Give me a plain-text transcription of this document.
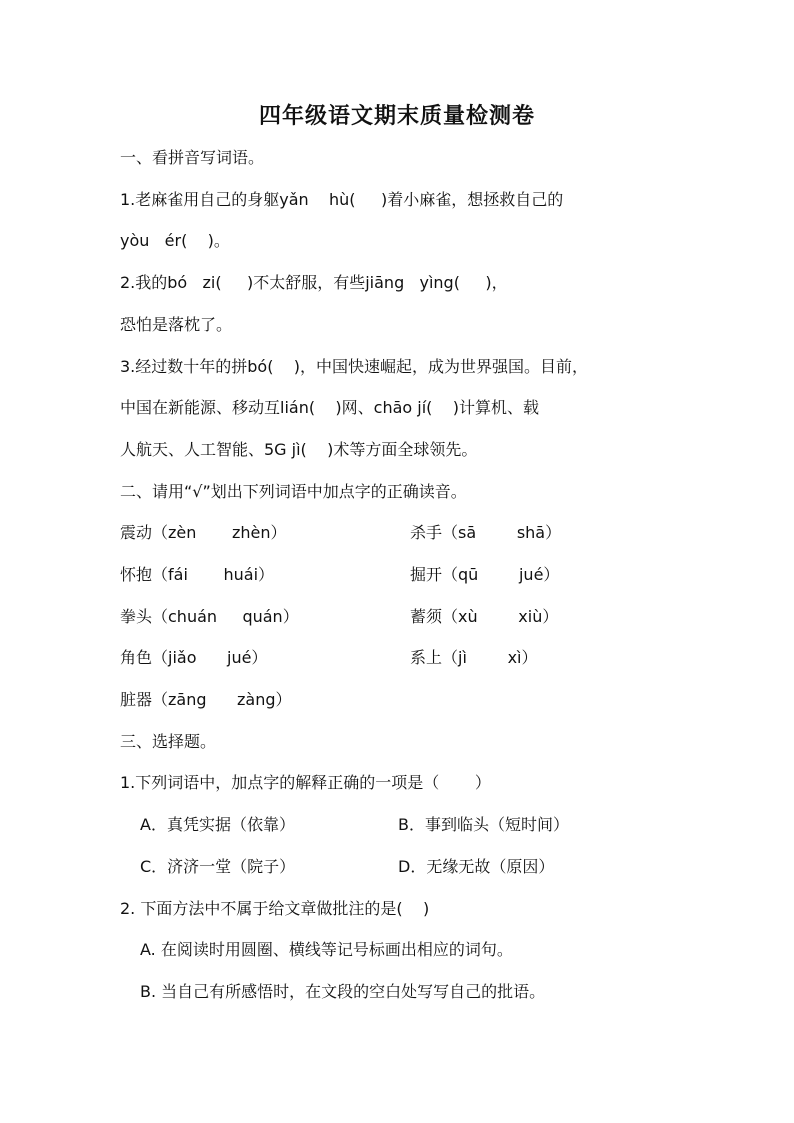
四年级语文期末质量检测卷
一、看拼音写词语。
1.老麻雀用自己的身躯yǎn    hù(     )着小麻雀，想拯救自己的
yòu   ér(    )。
2.我的bó   zi(     )不太舒服，有些jiāng   yìng(     )，
恐怕是落枕了。
3.经过数十年的拼bó(    )，中国快速崛起，成为世界强国。目前，
中国在新能源、移动互lián(    )网、chāo jí(    )计算机、载
人航天、人工智能、5G jì(    )术等方面全球领先。
二、请用“√”划出下列词语中加点字的正确读音。
震动（zèn       zhèn）	杀手（sā        shā）
怀抱（fái       huái）	掘开（qū        jué）
拳头（chuán     quán）	蓄须（xù        xiù）
角色（jiǎo      jué）	系上（jì        xì）
脏器（zāng      zàng）
三、选择题。
1.下列词语中，加点字的解释正确的一项是（       ）
A．真凭实据（依靠）	B．事到临头（短时间）
C．济济一堂（院子）	D．无缘无故（原因）
2. 下面方法中不属于给文章做批注的是(    )
A. 在阅读时用圆圈、横线等记号标画出相应的词句。
B. 当自己有所感悟时，在文段的空白处写写自己的批语。
